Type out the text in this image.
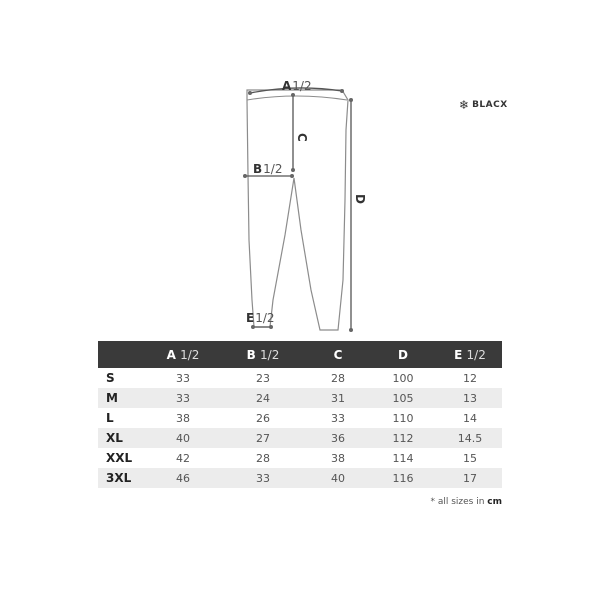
A1/2
B1/2
E1/2
C
D
❄ BLACX
	A 1/2	B 1/2	C	D	E 1/2
S	33	23	28	100	12
M	33	24	31	105	13
L	38	26	33	110	14
XL	40	27	36	112	14.5
XXL	42	28	38	114	15
3XL	46	33	40	116	17
* all sizes in cm
